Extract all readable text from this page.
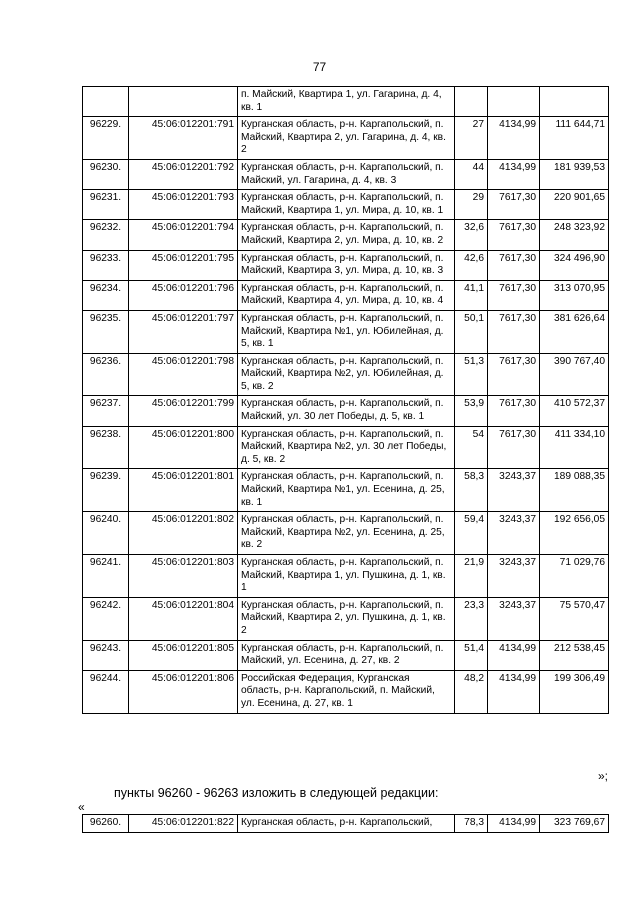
77
		п. Майский, Квартира 1, ул. Гагарина, д. 4, кв. 1			
96229.	45:06:012201:791	Курганская область, р-н. Каргапольский, п. Майский, Квартира 2, ул. Гагарина, д. 4, кв. 2	27	4134,99	111 644,71
96230.	45:06:012201:792	Курганская область, р-н. Каргапольский, п. Майский, ул. Гагарина, д. 4, кв. 3	44	4134,99	181 939,53
96231.	45:06:012201:793	Курганская область, р-н. Каргапольский, п. Майский, Квартира 1, ул. Мира, д. 10, кв. 1	29	7617,30	220 901,65
96232.	45:06:012201:794	Курганская область, р-н. Каргапольский, п. Майский, Квартира 2, ул. Мира, д. 10, кв. 2	32,6	7617,30	248 323,92
96233.	45:06:012201:795	Курганская область, р-н. Каргапольский, п. Майский, Квартира 3, ул. Мира, д. 10, кв. 3	42,6	7617,30	324 496,90
96234.	45:06:012201:796	Курганская область, р-н. Каргапольский, п. Майский, Квартира 4, ул. Мира, д. 10, кв. 4	41,1	7617,30	313 070,95
96235.	45:06:012201:797	Курганская область, р-н. Каргапольский, п. Майский, Квартира №1, ул. Юбилейная, д. 5, кв. 1	50,1	7617,30	381 626,64
96236.	45:06:012201:798	Курганская область, р-н. Каргапольский, п. Майский, Квартира №2, ул. Юбилейная, д. 5, кв. 2	51,3	7617,30	390 767,40
96237.	45:06:012201:799	Курганская область, р-н. Каргапольский, п. Майский, ул. 30 лет Победы, д. 5, кв. 1	53,9	7617,30	410 572,37
96238.	45:06:012201:800	Курганская область, р-н. Каргапольский, п. Майский, Квартира №2, ул. 30 лет Победы, д. 5, кв. 2	54	7617,30	411 334,10
96239.	45:06:012201:801	Курганская область, р-н. Каргапольский, п. Майский, Квартира №1, ул. Есенина, д. 25, кв. 1	58,3	3243,37	189 088,35
96240.	45:06:012201:802	Курганская область, р-н. Каргапольский, п. Майский, Квартира №2, ул. Есенина, д. 25, кв. 2	59,4	3243,37	192 656,05
96241.	45:06:012201:803	Курганская область, р-н. Каргапольский, п. Майский, Квартира 1, ул. Пушкина, д. 1, кв. 1	21,9	3243,37	71 029,76
96242.	45:06:012201:804	Курганская область, р-н. Каргапольский, п. Майский, Квартира 2, ул. Пушкина, д. 1, кв. 2	23,3	3243,37	75 570,47
96243.	45:06:012201:805	Курганская область, р-н. Каргапольский, п. Майский, ул. Есенина, д. 27, кв. 2	51,4	4134,99	212 538,45
96244.	45:06:012201:806	Российская Федерация, Курганская область, р-н. Каргапольский, п. Майский, ул. Есенина, д. 27, кв. 1	48,2	4134,99	199 306,49
»;
пункты 96260 - 96263 изложить в следующей редакции:
«
96260.	45:06:012201:822	Курганская область, р-н. Каргапольский,	78,3	4134,99	323 769,67
